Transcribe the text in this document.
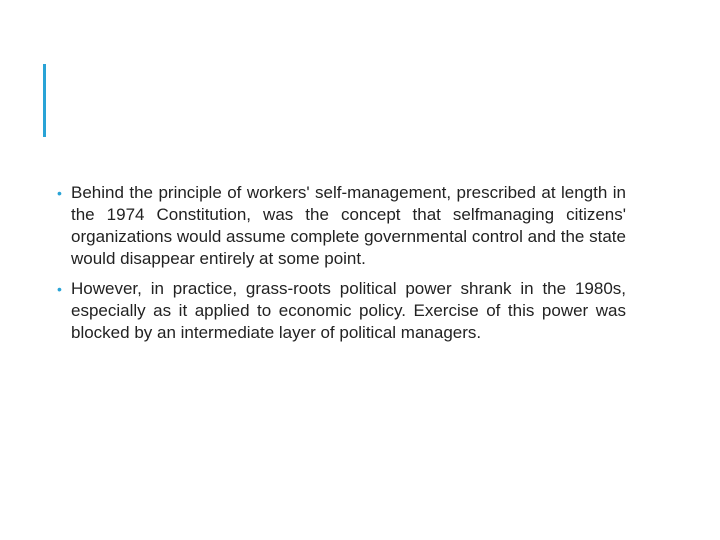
• Behind the principle of workers' self-management, prescribed at length in the 1974 Constitution, was the concept that selfmanaging citizens' organizations would assume complete governmental control and the state would disappear entirely at some point.
• However, in practice, grass-roots political power shrank in the 1980s, especially as it applied to economic policy. Exercise of this power was blocked by an intermediate layer of political managers.
